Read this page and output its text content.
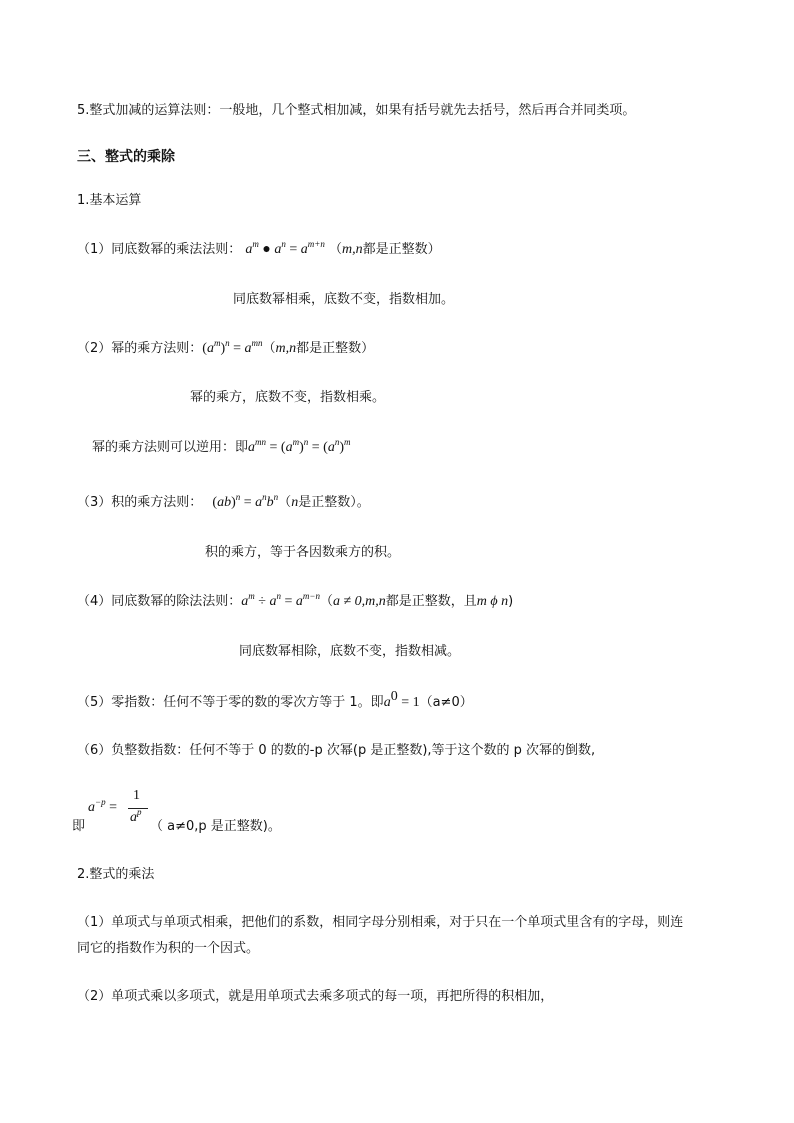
5.整式加减的运算法则：一般地，几个整式相加减，如果有括号就先去括号，然后再合并同类项。
三、整式的乘除
1.基本运算
（1）同底数幂的乘法法则： $a^m$ ● $a^n = a^{m+n}$ （m,n都是正整数）
同底数幂相乘，底数不变，指数相加。
（2）幂的乘方法则：$(a^m)^n = a^{mn}(m,n$都是正整数）
幂的乘方，底数不变，指数相乘。
幂的乘方法则可以逆用：即$a^{mn} = (a^m)^n = (a^n)^m$
（3）积的乘方法则： $(ab)^n = a^nb^n(n$是正整数）。
积的乘方，等于各因数乘方的积。
（4）同底数幂的除法法则：$a^m \div a^n = a^{m-n}(a \ne 0,m,n$都是正整数，且m ϕ n)
同底数幂相除，底数不变，指数相减。
（5）零指数：任何不等于零的数的零次方等于 1。即$a^0 = 1(a\ne 0)$
（6）负整数指数：任何不等于 0 的数的-p 次幂(p 是正整数),等于这个数的 p 次幂的倒数,
$a^{-p}$ =
1
$a^p$
即	（ a≠0,p 是正整数)。
2.整式的乘法
（1）单项式与单项式相乘，把他们的系数，相同字母分别相乘，对于只在一个单项式里含有的字母，则连
同它的指数作为积的一个因式。
（2）单项式乘以多项式，就是用单项式去乘多项式的每一项，再把所得的积相加，
